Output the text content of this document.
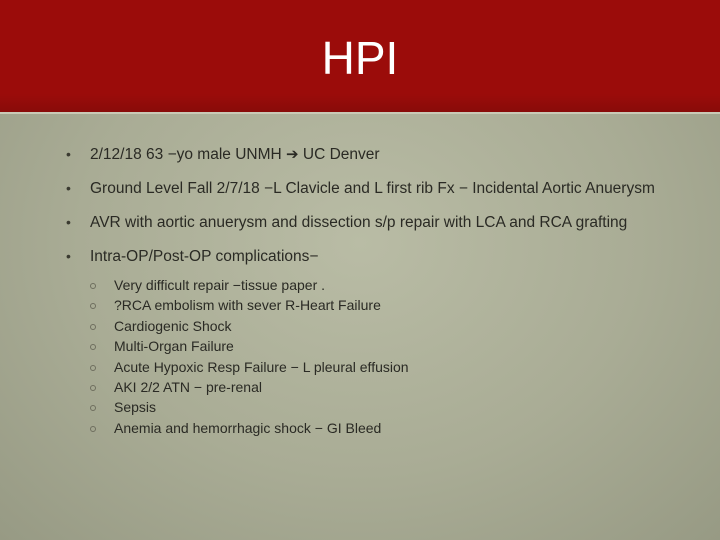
HPI
• 2/12/18 63 −yo male UNMH ➔ UC Denver
• Ground Level Fall 2/7/18 −L Clavicle and L first rib Fx − Incidental Aortic Anuerysm
• AVR with aortic anuerysm and dissection s/p repair with LCA and RCA grafting
• Intra-OP/Post-OP complications−
Very difficult repair −tissue paper .
?RCA embolism with sever R-Heart Failure
Cardiogenic Shock
Multi-Organ Failure
Acute Hypoxic Resp Failure − L pleural effusion
AKI 2/2 ATN − pre-renal
Sepsis
Anemia and hemorrhagic shock − GI Bleed
